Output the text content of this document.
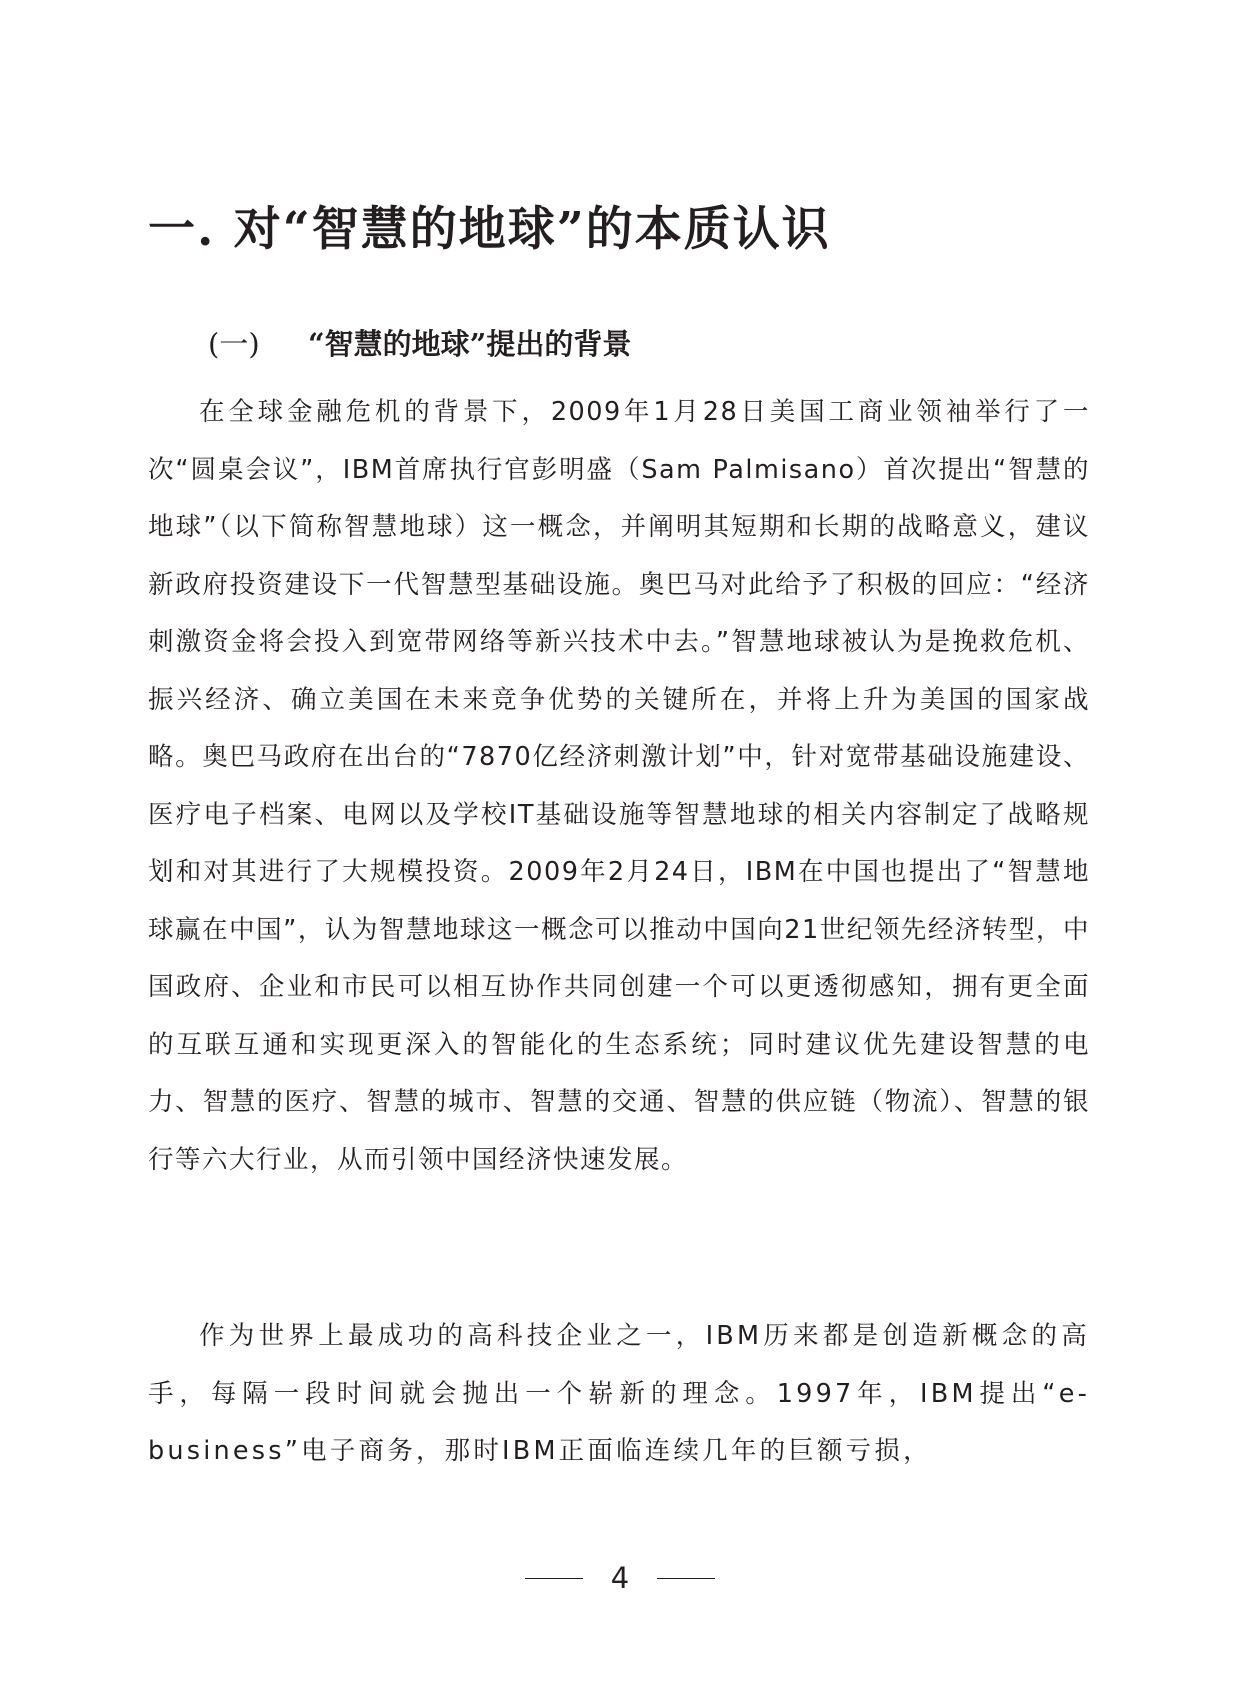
一. 对“智慧的地球”的本质认识
(一) “智慧的地球”提出的背景

在全球金融危机的背景下，2009年1月28日美国工商业领袖举行了一次“圆桌会议”，IBM首席执行官彭明盛（Sam Palmisano）首次提出“智慧的地球”（以下简称智慧地球）这一概念，并阐明其短期和长期的战略意义，建议新政府投资建设下一代智慧型基础设施。奥巴马对此给予了积极的回应：“经济刺激资金将会投入到宽带网络等新兴技术中去。”智慧地球被认为是挽救危机、振兴经济、确立美国在未来竞争优势的关键所在，并将上升为美国的国家战略。奥巴马政府在出台的“7870亿经济刺激计划”中，针对宽带基础设施建设、医疗电子档案、电网以及学校IT基础设施等智慧地球的相关内容制定了战略规划和对其进行了大规模投资。2009年2月24日，IBM在中国也提出了“智慧地球赢在中国”，认为智慧地球这一概念可以推动中国向21世纪领先经济转型，中国政府、企业和市民可以相互协作共同创建一个可以更透彻感知，拥有更全面的互联互通和实现更深入的智能化的生态系统；同时建议优先建设智慧的电力、智慧的医疗、智慧的城市、智慧的交通、智慧的供应链（物流）、智慧的银行等六大行业，从而引领中国经济快速发展。

作为世界上最成功的高科技企业之一，IBM历来都是创造新概念的高手，每隔一段时间就会抛出一个崭新的理念。1997年，IBM提出“e-business”电子商务，那时IBM正面临连续几年的巨额亏损，

4
